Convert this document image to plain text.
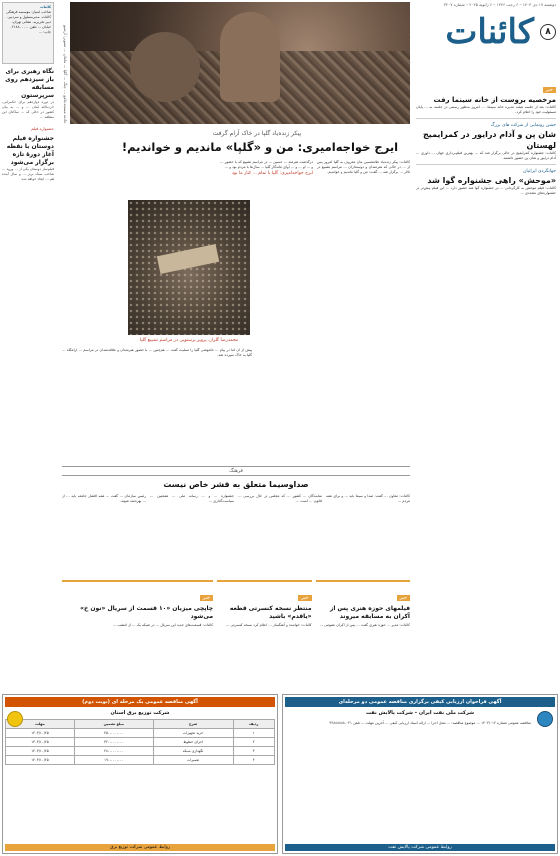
دوشنبه ۱۷ دی ۱۴۰۳ – ۶ رجب ۱۴۴۶ – ۶ ژانویه ۲۰۲۵ – شماره ۳۲۰۷
کائنات	۸
حادثه مسجدجامع ... جنگ ... گلپا ... مامان ... تصویر: آرشیو
کائنات
صاحب امتیاز: مؤسسه فرهنگی کائنات. مدیرمسئول و سردبیر. دبیر تحریریه. نشانی تهران، خیابان ... تلفن ۰۲۱۸۸۰۰۰۰۰ چاپ: ...
نگاه رهبری برای باز سیزدهم روی مسابقه سرپرستون
در دوره دوازدهم برای حکمرانی، حزب‌الله لبنان ... و ... به بیان کشور در حالی که ... ساکنان این منطقه ...
جشنواره فیلم
جشنواره فیلم دوستان با نقطه آغاز دورهٔ تازه برگزار می‌شود
فیلم‌ساز دوستان یکی از ... ورود ... صاحب سبک برتر ... و سال آینده هم ... ایجاد خواهد شد.
خبر
مرخصیه بروست از خانه سینما رفت
کائنات: بعد از جلسه هیئت مدیره خانه سینما، ... امروز به‌طور رسمی در جلسه به ... پایان مسئولیت خود را اعلام کرد.
جشن رونمایی از شرکت های بزرگ
شان پن و آدام درایور در کمرایمیج لهستان
کائنات: جشنواره کمرایمیج در حالی برگزار شد که ... بهترین فیلم‌برداری جهان ... داوری ... آدام درایور و شان پن حضور داشتند.
جهانگردی ایرانیان
«موحش» راهی جشنواره گوا شد
کائنات: فیلم موحش به کارگردانی ... در جشنواره گوا هند حضور دارد ... این فیلم پیش‌تر در جشنواره‌های متعددی ...
پیکر زنده‌یاد گلپا در خاک آرام گرفت
ایرج خواجه‌امیری: من و «گلپا» ماندیم و خواندیم!
کائنات: پیکر زنده‌یاد غلامحسین بنان معروف به گلپا امروز پس از ... در حالی که هنرمندان و دوستداران ... مراسم تشییع در تالار ... برگزار شد ... گفت: من و گلپا ماندیم و خواندیم.
درگذشت هنرمند ... حسین ... در مراسم تشییع که با حضور ... و ... او ... و ... آوای ماندگار گلپا ... سال‌ها با مردم بود و ...
ایرج خواجه‌امیری: گلپا با تمام ... کنار ما بود
محمدرضا گلزار، پرویز پرستویی در مراسم تشییع گلپا
پیش از آن اما در پیام ... خاموشی گلپا را تسلیت گفت ... هم‌چنین ... با حضور هنرمندان و علاقه‌مندان در مراسم ... آرامگاه ... گلپا به خاک سپرده شد.
فرهنگ
صداوسیما متعلق به قشر خاص نیست
کائنات: معاون ... گفت: صدا و سیما باید ... و برای همه مردم ...
نمایندگان ... کشور ... که مجلس در حال بررسی ... قانون ... است ...
جشنواره ... و ... رسانه ملی ... همچنین ... سیاست‌گذاری ...
رئیس سازمان ... گفت ... همه اقشار جامعه باید ... از ... بهره‌مند شوند.
خبر
فیلمهای حوزه هنری پس از آکران به مسابقه میروند
کائنات: مدیر ... حوزه هنری گفت ... پس از اکران عمومی ...
خبر
منتظر نسخه کنسرتی قطعه «یاقدم» باشید
کائنات: خواننده و آهنگساز ... اعلام کرد نسخه کنسرتی ...
خبر
چاپچی میزبان «۱۰ قسمت از سریال «نون خ» می‌شود
کائنات: قسمت‌های جدید این سریال ... در شبکه یک ... از امشب ...
آگهی فراخوان ارزیابی کیفی برگزاری مناقصه عمومی دو مرحله‌ای
شرکت ملی نفت ایران – شرکت پالایش نفت
مناقصه عمومی شماره ۱۴۰۳/۰۱۲ ... موضوع مناقصه: ... محل اجرا ... ارائه اسناد ارزیابی کیفی ... آخرین مهلت ... تلفن ۰۲۱-۴۴۸۸۸۸۸۸
روابط عمومی شرکت پالایش نفت
آگهی مناقصه عمومی یک مرحله ای (نوبت دوم)
شرکت توزیع برق استان
ردیف	شرح	مبلغ تضمین	مهلت
۱	خرید تجهیزات	۴۵۰.۰۰۰.۰۰۰	۱۴۰۳/۱۰/۲۵
۲	اجرای خطوط	۳۲۰.۰۰۰.۰۰۰	۱۴۰۳/۱۰/۲۵
۳	نگهداری شبکه	۲۸۰.۰۰۰.۰۰۰	۱۴۰۳/۱۰/۲۵
۴	تعمیرات	۱۹۰.۰۰۰.۰۰۰	۱۴۰۳/۱۰/۲۵
روابط عمومی شرکت توزیع برق
